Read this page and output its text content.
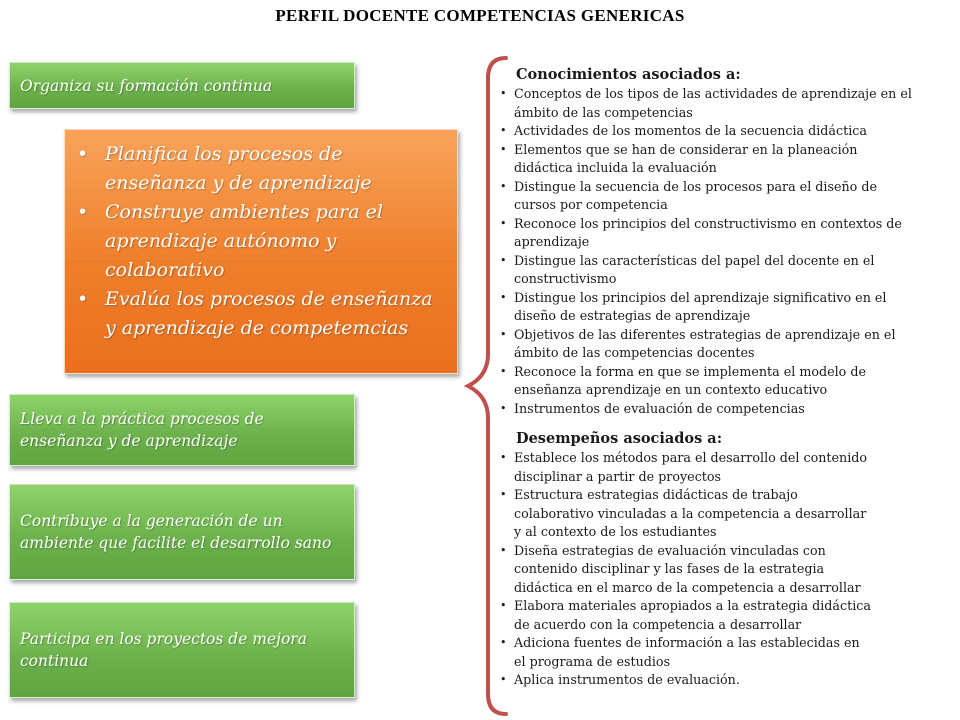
PERFIL DOCENTE COMPETENCIAS GENERICAS
Organiza su formación continua
• Planifica los procesos de enseñanza y de aprendizaje
• Construye ambientes para el aprendizaje autónomo y colaborativo
• Evalúa los procesos de enseñanza y aprendizaje de competemcias
Lleva a la práctica procesos de enseñanza y de aprendizaje
Contribuye a la generación de un ambiente que facilite el desarrollo sano
Participa en los proyectos de mejora continua
Conocimientos asociados a:
• Conceptos de los tipos de las actividades de aprendizaje en el
ámbito de las competencias
• Actividades de los momentos de la secuencia didáctica
• Elementos que se han de considerar en la planeación
didáctica incluida la evaluación
• Distingue la secuencia de los procesos para el diseño de
cursos por competencia
• Reconoce los principios del constructivismo en contextos de
aprendizaje
• Distingue las características del papel del docente en el
constructivismo
• Distingue los principios del aprendizaje significativo en el
diseño de estrategias de aprendizaje
• Objetivos de las diferentes estrategias de aprendizaje en el
ámbito de las competencias docentes
• Reconoce la forma en que se implementa el modelo de
enseñanza aprendizaje en un contexto educativo
• Instrumentos de evaluación de competencias
Desempeños asociados a:
• Establece los métodos para el desarrollo del contenido
disciplinar a partir de proyectos
• Estructura estrategias didácticas de trabajo
colaborativo vinculadas a la competencia a desarrollar
y al contexto de los estudiantes
• Diseña estrategias de evaluación vinculadas con
contenido disciplinar y las fases de la estrategia
didáctica en el marco de la competencia a desarrollar
• Elabora materiales apropiados a la estrategia didáctica
de acuerdo con la competencia a desarrollar
• Adiciona fuentes de información a las establecidas en
el programa de estudios
• Aplica instrumentos de evaluación.
